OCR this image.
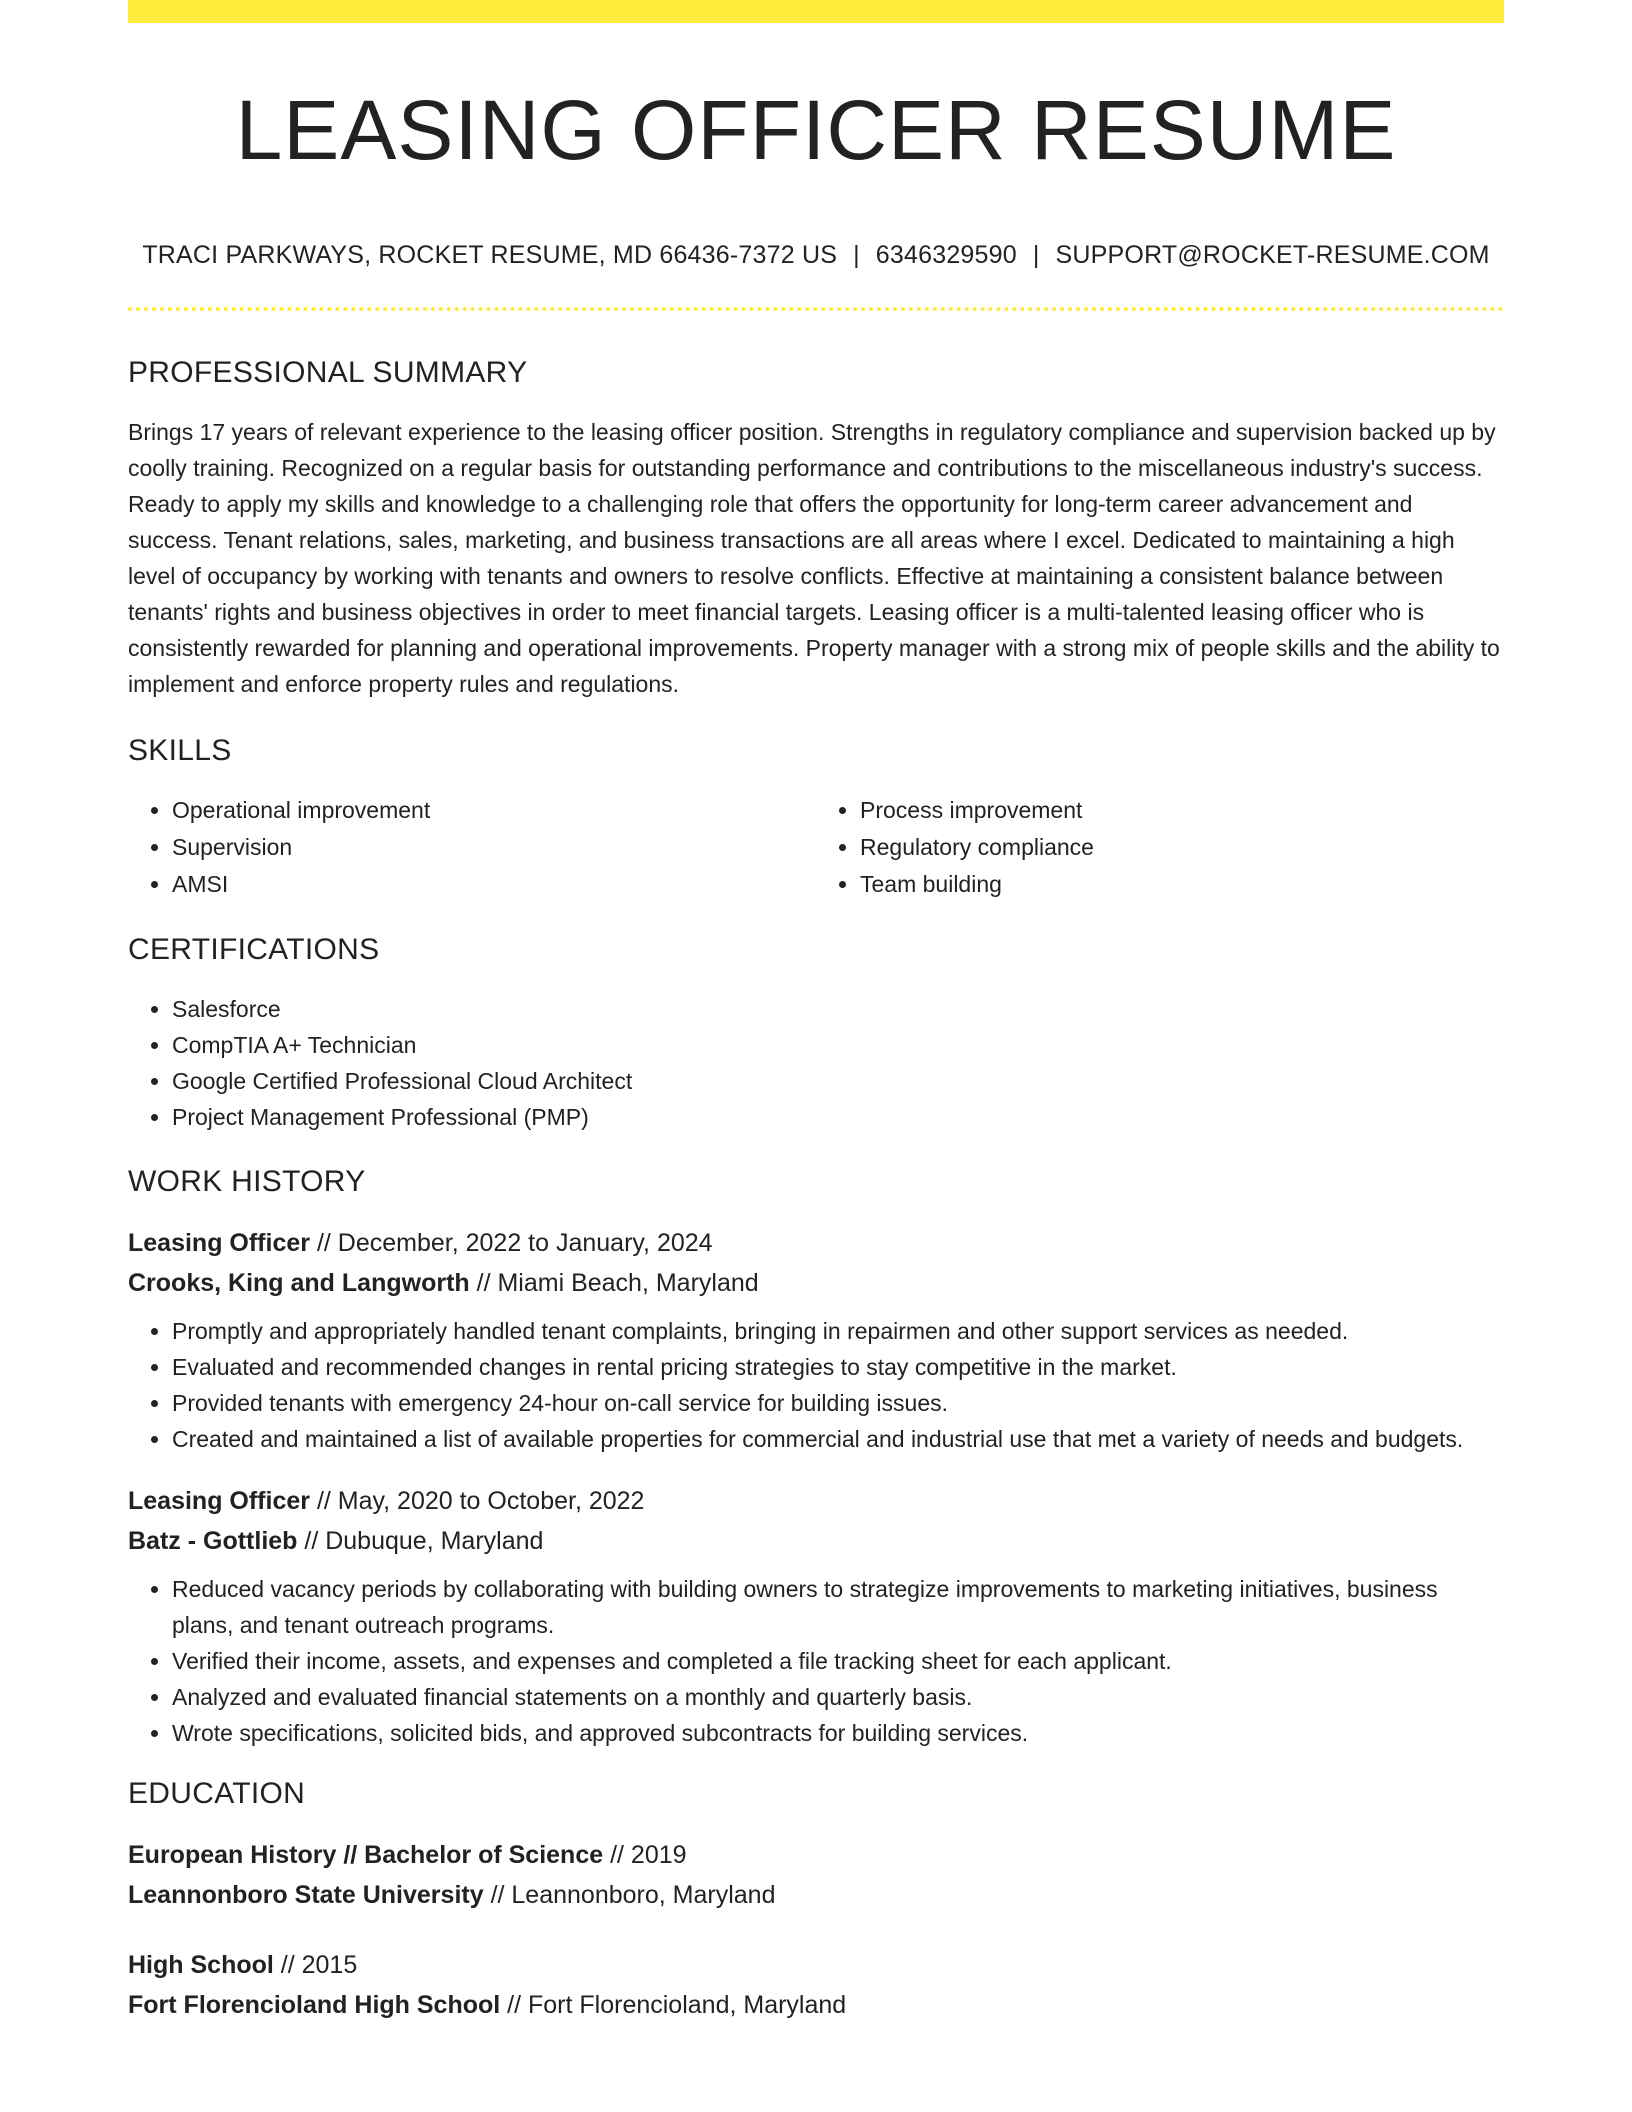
LEASING OFFICER RESUME
TRACI PARKWAYS, ROCKET RESUME, MD 66436-7372 US | 6346329590 | SUPPORT@ROCKET-RESUME.COM
PROFESSIONAL SUMMARY

Brings 17 years of relevant experience to the leasing officer position. Strengths in regulatory compliance and supervision backed up by coolly training. Recognized on a regular basis for outstanding performance and contributions to the miscellaneous industry's success. Ready to apply my skills and knowledge to a challenging role that offers the opportunity for long-term career advancement and success. Tenant relations, sales, marketing, and business transactions are all areas where I excel. Dedicated to maintaining a high level of occupancy by working with tenants and owners to resolve conflicts. Effective at maintaining a consistent balance between tenants' rights and business objectives in order to meet financial targets. Leasing officer is a multi-talented leasing officer who is consistently rewarded for planning and operational improvements. Property manager with a strong mix of people skills and the ability to implement and enforce property rules and regulations.

SKILLS
• Operational improvement
• Supervision
• AMSI
• Process improvement
• Regulatory compliance
• Team building
CERTIFICATIONS
• Salesforce
• CompTIA A+ Technician
• Google Certified Professional Cloud Architect
• Project Management Professional (PMP)
WORK HISTORY
Leasing Officer // December, 2022 to January, 2024
Crooks, King and Langworth // Miami Beach, Maryland
• Promptly and appropriately handled tenant complaints, bringing in repairmen and other support services as needed.
• Evaluated and recommended changes in rental pricing strategies to stay competitive in the market.
• Provided tenants with emergency 24-hour on-call service for building issues.
• Created and maintained a list of available properties for commercial and industrial use that met a variety of needs and budgets.
Leasing Officer // May, 2020 to October, 2022
Batz - Gottlieb // Dubuque, Maryland
• Reduced vacancy periods by collaborating with building owners to strategize improvements to marketing initiatives, business plans, and tenant outreach programs.
• Verified their income, assets, and expenses and completed a file tracking sheet for each applicant.
• Analyzed and evaluated financial statements on a monthly and quarterly basis.
• Wrote specifications, solicited bids, and approved subcontracts for building services.
EDUCATION
European History // Bachelor of Science // 2019
Leannonboro State University // Leannonboro, Maryland
High School // 2015
Fort Florencioland High School // Fort Florencioland, Maryland
